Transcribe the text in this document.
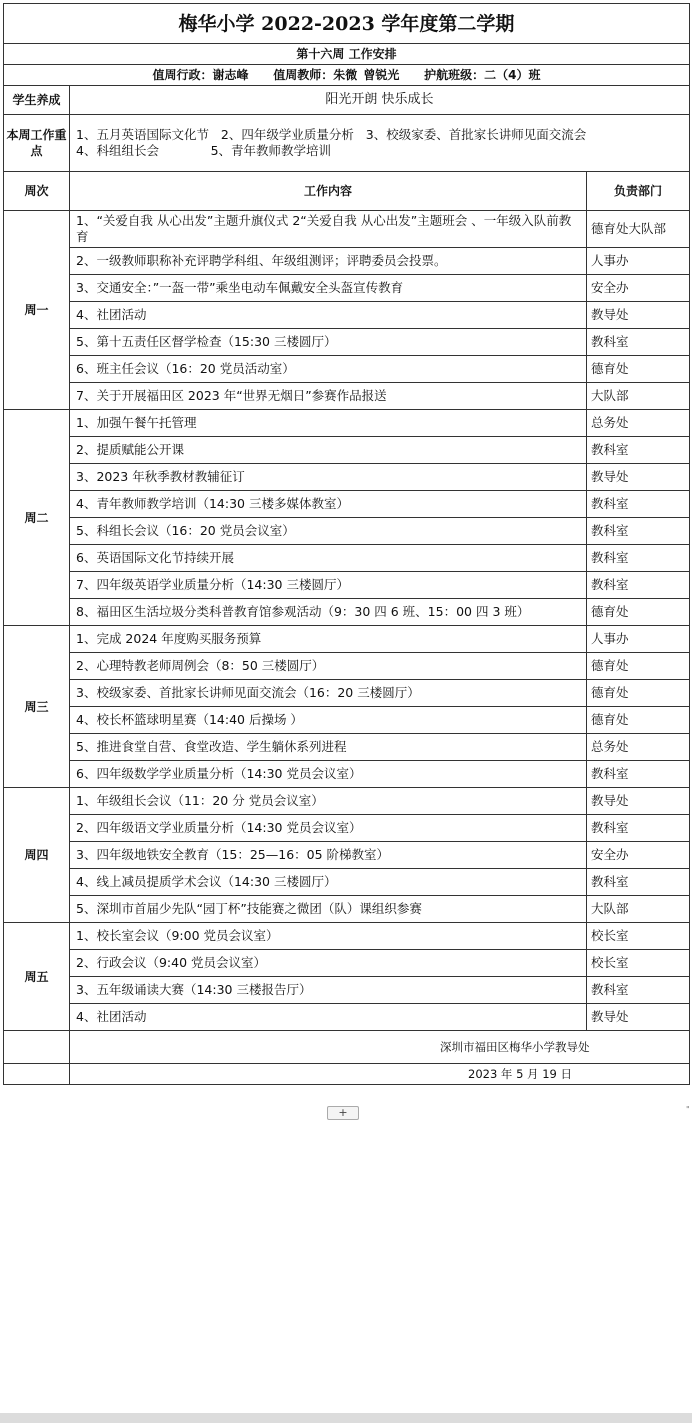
梅华小学 2022-2023 学年度第二学期		
第十六周 工作安排		
值周行政：谢志峰 值周教师：朱微 曾锐光 护航班级：二（4）班		
学生养成	阳光开朗 快乐成长	
本周工作重点	1、五月英语国际文化节   2、四年级学业质量分析   3、校级家委、首批家长讲师见面交流会
4、科组组长会             5、青年教师教学培训	

周次	工作内容	负责部门
周一	1、“关爱自我 从心出发”主题升旗仪式 2“关爱自我 从心出发”主题班会 、一年级入队前教育	德育处大队部
	2、一级教师职称补充评聘学科组、年级组测评；评聘委员会投票。	人事办
	3、交通安全：”一盔一带”乘坐电动车佩戴安全头盔宣传教育	安全办
	4、社团活动	教导处
	5、第十五责任区督学检查（15:30 三楼圆厅）	教科室
	6、班主任会议（16：20 党员活动室）	德育处
	7、关于开展福田区 2023 年“世界无烟日”参赛作品报送	大队部
周二	1、加强午餐午托管理	总务处
	2、提质赋能公开课	教科室
	3、2023 年秋季教材教辅征订	教导处
	4、青年教师教学培训（14:30 三楼多媒体教室）	教科室
	5、科组长会议（16：20 党员会议室）	教科室
	6、英语国际文化节持续开展	教科室
	7、四年级英语学业质量分析（14:30 三楼圆厅）	教科室
	8、福田区生活垃圾分类科普教育馆参观活动（9：30 四 6 班、15：00 四 3 班）	德育处
周三	1、完成 2024 年度购买服务预算	人事办
	2、心理特教老师周例会（8：50 三楼圆厅）	德育处
	3、校级家委、首批家长讲师见面交流会（16：20 三楼圆厅）	德育处
	4、校长杯篮球明星赛（14:40 后操场 ）	德育处
	5、推进食堂自营、食堂改造、学生躺休系列进程	总务处
	6、四年级数学学业质量分析（14:30 党员会议室）	教科室
周四	1、年级组长会议（11：20 分 党员会议室）	教导处
	2、四年级语文学业质量分析（14:30 党员会议室）	教科室
	3、四年级地铁安全教育（15：25—16：05 阶梯教室）	安全办
	4、线上减员提质学术会议（14:30 三楼圆厅）	教科室
	5、深圳市首届少先队“园丁杯”技能赛之微团（队）课组织参赛	大队部
周五	1、校长室会议（9:00 党员会议室）	校长室
	2、行政会议（9:40 党员会议室）	校长室
	3、五年级诵读大赛（14:30 三楼报告厅）	教科室
	4、社团活动	教导处
	深圳市福田区梅华小学教导处	
	2023 年 5 月 19 日	
+	"
